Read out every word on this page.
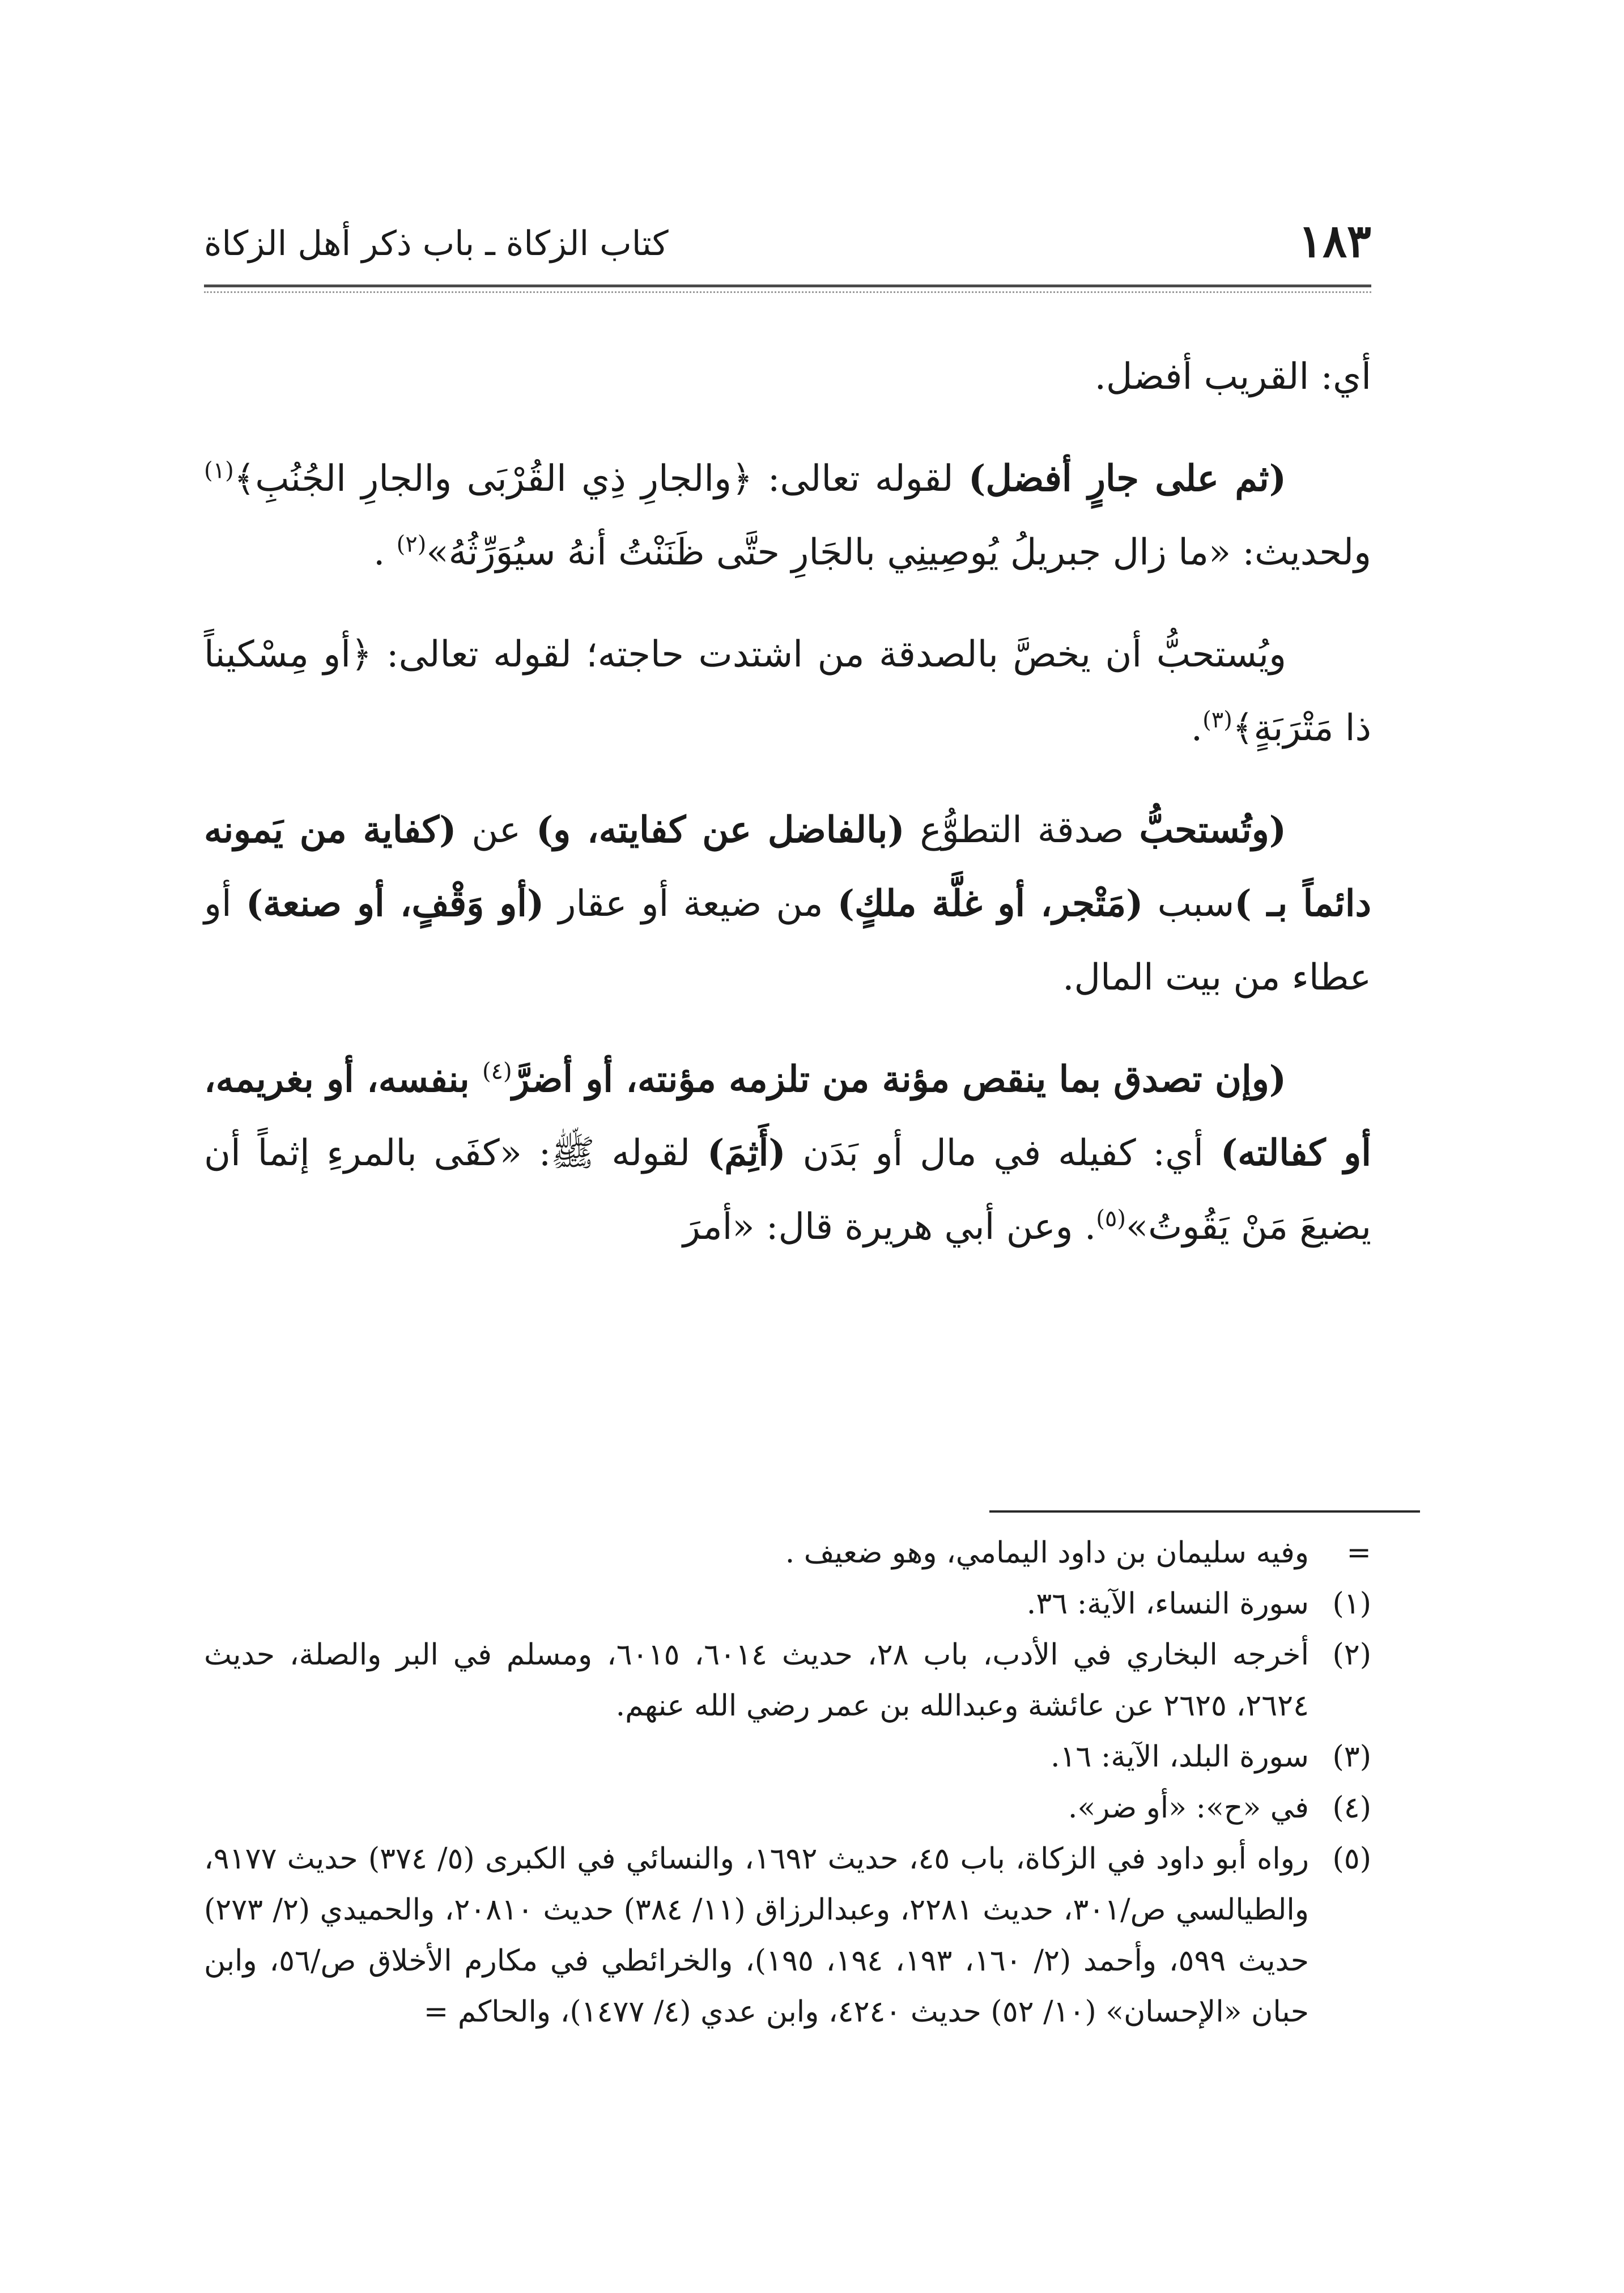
١٨٣
كتاب الزكاة ـ باب ذكر أهل الزكاة

أي: القريب أفضل.

(ثم على جارٍ أفضل) لقوله تعالى: ﴿والجارِ ذِي القُرْبَى والجارِ الجُنُبِ﴾$^{(١)}$ ولحديث: «ما زال جبريلُ يُوصِينِي بالجَارِ حتَّى ظَنَنْتُ أنهُ سيُوَرِّثُهُ»$^{(٢)}$ .

ويُستحبُّ أن يخصَّ بالصدقة من اشتدت حاجته؛ لقوله تعالى: ﴿أو مِسْكيناً ذا مَتْرَبَةٍ﴾$^{(٣)}$.

(وتُستحبُّ صدقة التطوُّع (بالفاضل عن كفايته، و) عن (كفاية من يَمونه دائماً بـ )سبب (مَتْجر، أو غلَّة ملكٍ) من ضيعة أو عقار (أو وَقْفٍ، أو صنعة) أو عطاء من بيت المال.

(وإن تصدق بما ينقص مؤنة من تلزمه مؤنته، أو أضرَّ$^{(٤)}$ بنفسه، أو بغريمه، أو كفالته) أي: كفيله في مال أو بَدَن (أَثِمَ) لقوله ﷺ: «كفَى بالمرءِ إثماً أن يضيعَ مَنْ يَقُوتُ»$^{(٥)}$. وعن أبي هريرة قال: «أمرَ

=
وفيه سليمان بن داود اليمامي، وهو ضعيف .

(١)
سورة النساء، الآية: ٣٦.

(٢)
أخرجه البخاري في الأدب، باب ٢٨، حديث ٦٠١٤، ٦٠١٥، ومسلم في البر والصلة، حديث ٢٦٢٤، ٢٦٢٥ عن عائشة وعبدالله بن عمر رضي الله عنهم.

(٣)
سورة البلد، الآية: ١٦.

(٤)
في «ح»: «أو ضر».

(٥)
رواه أبو داود في الزكاة، باب ٤٥، حديث ١٦٩٢، والنسائي في الكبرى (٥/ ٣٧٤) حديث ٩١٧٧، والطيالسي ص/٣٠١، حديث ٢٢٨١، وعبدالرزاق (١١/ ٣٨٤) حديث ٢٠٨١٠، والحميدي (٢/ ٢٧٣) حديث ٥٩٩، وأحمد (٢/ ١٦٠، ١٩٣، ١٩٤، ١٩٥)، والخرائطي في مكارم الأخلاق ص/٥٦، وابن حبان «الإحسان» (١٠/ ٥٢) حديث ٤٢٤٠، وابن عدي (٤/ ١٤٧٧)، والحاكم =
